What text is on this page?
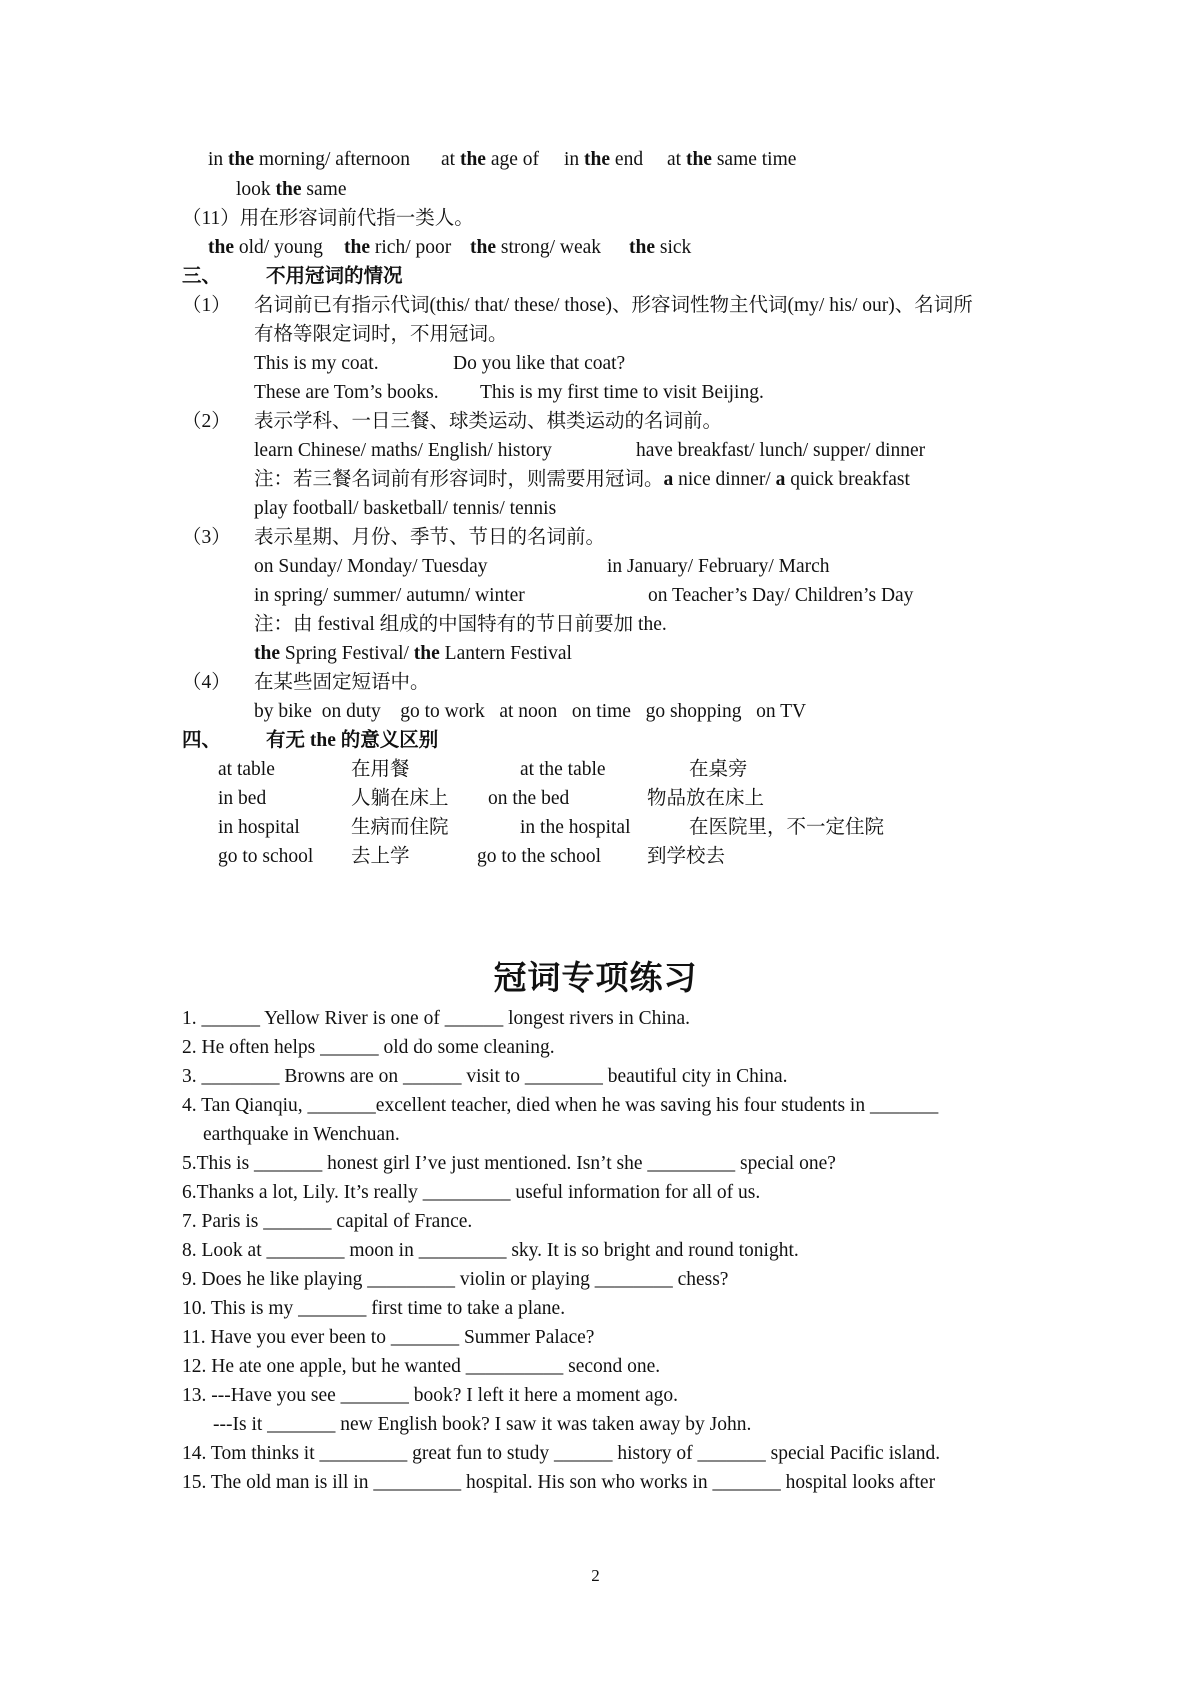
in the morning/ afternoon at the age of in the end at the same time
look the same
（11）用在形容词前代指一类人。
the old/ young the rich/ poor the strong/ weak the sick
三、 不用冠词的情况
（1） 名词前已有指示代词(this/ that/ these/ those)、形容词性物主代词(my/ his/ our)、名词所
有格等限定词时，不用冠词。
This is my coat.	Do you like that coat?
These are Tom’s books. This is my first time to visit Beijing.
（2） 表示学科、一日三餐、球类运动、棋类运动的名词前。
learn Chinese/ maths/ English/ history	have breakfast/ lunch/ supper/ dinner
注：若三餐名词前有形容词时，则需要用冠词。a nice dinner/ a quick breakfast
play football/ basketball/ tennis/ tennis
（3） 表示星期、月份、季节、节日的名词前。
on Sunday/ Monday/ Tuesday	in January/ February/ March
in spring/ summer/ autumn/ winter	on Teacher’s Day/ Children’s Day
注：由 festival 组成的中国特有的节日前要加 the.
the Spring Festival/ the Lantern Festival
（4） 在某些固定短语中。
by bike  on duty    go to work   at noon   on time   go shopping   on TV
四、 有无 the 的意义区别
at table	在用餐	at the table	在桌旁
in bed	人躺在床上 on the bed	物品放在床上
in hospital	生病而住院	in the hospital	在医院里，不一定住院
go to school 去上学	go to the school 到学校去
冠词专项练习
1. ______ Yellow River is one of ______ longest rivers in China.
2. He often helps ______ old do some cleaning.
3. ________ Browns are on ______ visit to ________ beautiful city in China.
4. Tan Qianqiu, _______excellent teacher, died when he was saving his four students in _______
earthquake in Wenchuan.
5.This is _______ honest girl I’ve just mentioned. Isn’t she _________ special one?
6.Thanks a lot, Lily. It’s really _________ useful information for all of us.
7. Paris is _______ capital of France.
8. Look at ________ moon in _________ sky. It is so bright and round tonight.
9. Does he like playing _________ violin or playing ________ chess?
10. This is my _______ first time to take a plane.
11. Have you ever been to _______ Summer Palace?
12. He ate one apple, but he wanted __________ second one.
13. ---Have you see _______ book? I left it here a moment ago.
---Is it _______ new English book? I saw it was taken away by John.
14. Tom thinks it _________ great fun to study ______ history of _______ special Pacific island.
15. The old man is ill in _________ hospital. His son who works in _______ hospital looks after
2
